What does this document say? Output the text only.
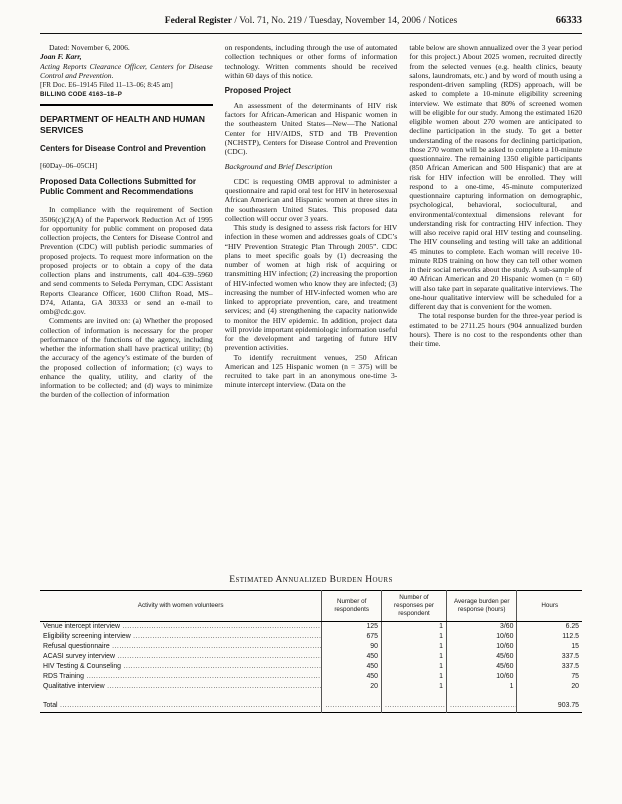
Federal Register / Vol. 71, No. 219 / Tuesday, November 14, 2006 / Notices	66333

Dated: November 6, 2006.

Joan F. Karr,

Acting Reports Clearance Officer, Centers for Disease Control and Prevention.

[FR Doc. E6–19145 Filed 11–13–06; 8:45 am]

BILLING CODE 4163–18–P

DEPARTMENT OF HEALTH AND HUMAN SERVICES
Centers for Disease Control and Prevention

[60Day–06–05CH]

Proposed Data Collections Submitted for Public Comment and Recommendations

In compliance with the requirement of Section 3506(c)(2)(A) of the Paperwork Reduction Act of 1995 for opportunity for public comment on proposed data collection projects, the Centers for Disease Control and Prevention (CDC) will publish periodic summaries of proposed projects. To request more information on the proposed projects or to obtain a copy of the data collection plans and instruments, call 404–639–5960 and send comments to Seleda Perryman, CDC Assistant Reports Clearance Officer, 1600 Clifton Road, MS–D74, Atlanta, GA 30333 or send an e-mail to omb@cdc.gov.

Comments are invited on: (a) Whether the proposed collection of information is necessary for the proper performance of the functions of the agency, including whether the information shall have practical utility; (b) the accuracy of the agency’s estimate of the burden of the proposed collection of information; (c) ways to enhance the quality, utility, and clarity of the information to be collected; and (d) ways to minimize the burden of the collection of information

on respondents, including through the use of automated collection techniques or other forms of information technology. Written comments should be received within 60 days of this notice.

Proposed Project

An assessment of the determinants of HIV risk factors for African-American and Hispanic women in the southeastern United States—New—The National Center for HIV/AIDS, STD and TB Prevention (NCHSTP), Centers for Disease Control and Prevention (CDC).

Background and Brief Description

CDC is requesting OMB approval to administer a questionnaire and rapid oral test for HIV in heterosexual African American and Hispanic women at three sites in the southeastern United States. This proposed data collection will occur over 3 years.

This study is designed to assess risk factors for HIV infection in these women and addresses goals of CDC’s “HIV Prevention Strategic Plan Through 2005”. CDC plans to meet specific goals by (1) decreasing the number of women at high risk of acquiring or transmitting HIV infection; (2) increasing the proportion of HIV-infected women who know they are infected; (3) increasing the number of HIV-infected women who are linked to appropriate prevention, care, and treatment services; and (4) strengthening the capacity nationwide to monitor the HIV epidemic. In addition, project data will provide important epidemiologic information useful for the development and targeting of future HIV prevention activities.

To identify recruitment venues, 250 African American and 125 Hispanic women (n = 375) will be recruited to take part in an anonymous one-time 3-minute intercept interview. (Data on the

table below are shown annualized over the 3 year period for this project.) About 2025 women, recruited directly from the selected venues (e.g. health clinics, beauty salons, laundromats, etc.) and by word of mouth using a respondent-driven sampling (RDS) approach, will be asked to complete a 10-minute eligibility screening interview. We estimate that 80% of screened women will be eligible for our study. Among the estimated 1620 eligible women about 270 women are anticipated to decline participation in the study. To get a better understanding of the reasons for declining participation, those 270 women will be asked to complete a 10-minute questionnaire. The remaining 1350 eligible participants (850 African American and 500 Hispanic) that are at risk for HIV infection will be enrolled. They will respond to a one-time, 45-minute computerized questionnaire capturing information on demographic, psychological, behavioral, sociocultural, and environmental/contextual dimensions relevant for understanding risk for contracting HIV infection. They will also receive rapid oral HIV testing and counseling. The HIV counseling and testing will take an additional 45 minutes to complete. Each woman will receive 10-minute RDS training on how they can tell other women in their social networks about the study. A sub-sample of 40 African American and 20 Hispanic women (n = 60) will also take part in separate qualitative interviews. The one-hour qualitative interview will be scheduled for a different day that is convenient for the women.

The total response burden for the three-year period is estimated to be 2711.25 hours (904 annualized burden hours). There is no cost to the respondents other than their time.

Estimated Annualized Burden Hours
Activity with women volunteers	Number of respondents	Number of responses per respondent	Average burden per response (hours)	Hours
Venue intercept interview .....	125	1	3/60	6.25
Eligibility screening interview .....	675	1	10/60	112.5
Refusal questionnaire .....	90	1	10/60	15
ACASI survey interview .....	450	1	45/60	337.5
HIV Testing & Counseling .....	450	1	45/60	337.5
RDS Training .....	450	1	10/60	75
Qualitative interview .....	20	1	1	20

Total .....	.....	.....	.....	903.75
